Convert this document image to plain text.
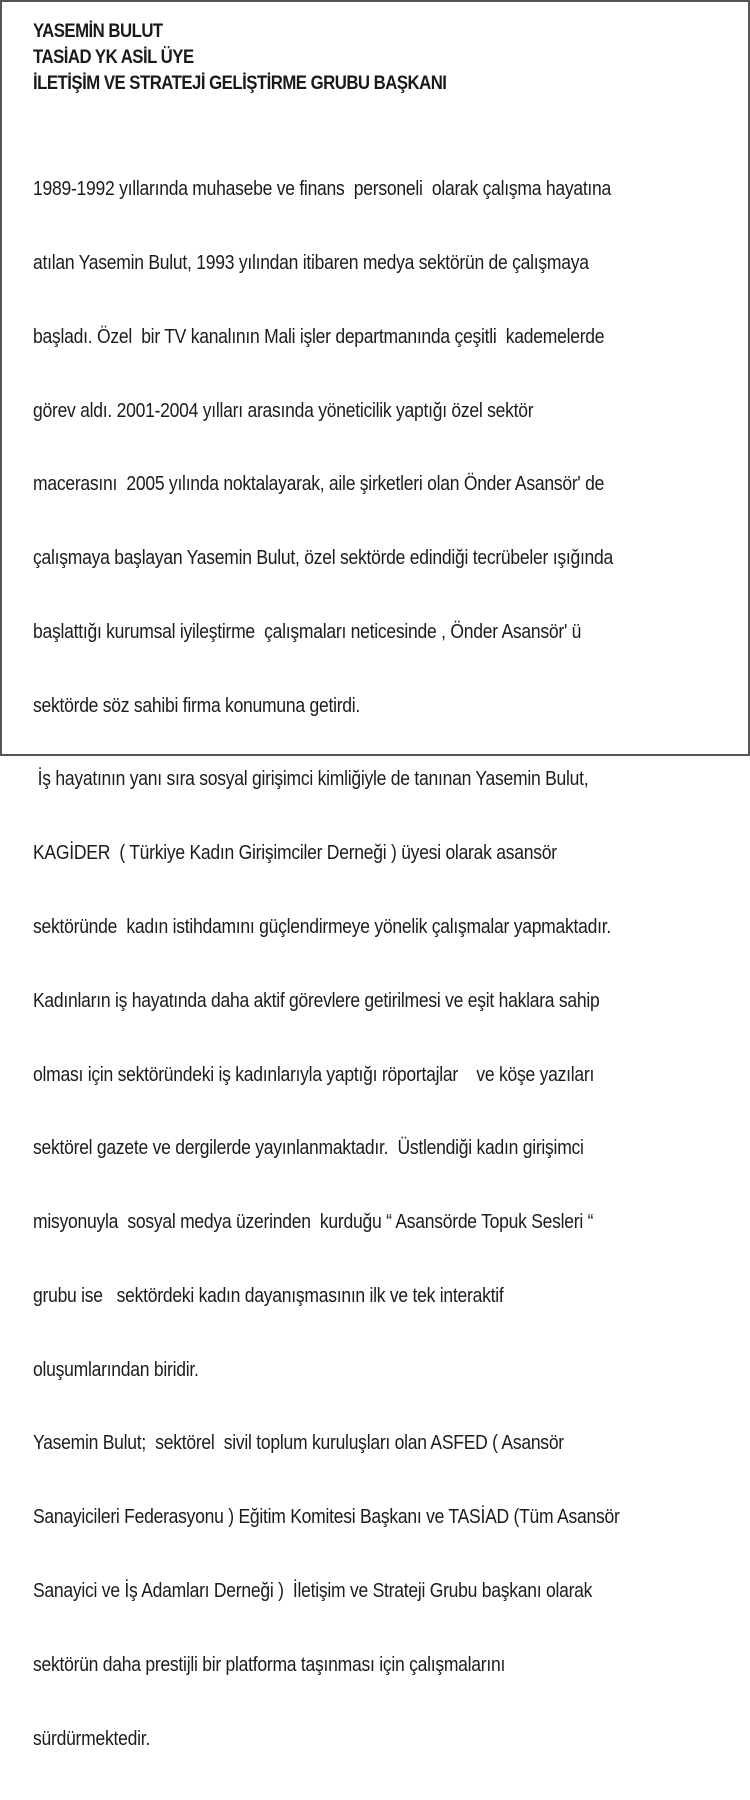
YASEMİN BULUT
TASİAD YK ASİL ÜYE
İLETİŞİM VE STRATEJİ GELİŞTİRME GRUBU BAŞKANI

1989-1992 yıllarında muhasebe ve finans  personeli  olarak çalışma hayatına

atılan Yasemin Bulut, 1993 yılından itibaren medya sektörün de çalışmaya

başladı. Özel  bir TV kanalının Mali işler departmanında çeşitli  kademelerde

görev aldı. 2001-2004 yılları arasında yöneticilik yaptığı özel sektör

macerasını  2005 yılında noktalayarak, aile şirketleri olan Önder Asansör' de

çalışmaya başlayan Yasemin Bulut, özel sektörde edindiği tecrübeler ışığında

başlattığı kurumsal iyileştirme  çalışmaları neticesinde , Önder Asansör' ü

sektörde söz sahibi firma konumuna getirdi.

İş hayatının yanı sıra sosyal girişimci kimliğiyle de tanınan Yasemin Bulut,

KAGİDER  ( Türkiye Kadın Girişimciler Derneği ) üyesi olarak asansör

sektöründe  kadın istihdamını güçlendirmeye yönelik çalışmalar yapmaktadır.

Kadınların iş hayatında daha aktif görevlere getirilmesi ve eşit haklara sahip

olması için sektöründeki iş kadınlarıyla yaptığı röportajlar    ve köşe yazıları

sektörel gazete ve dergilerde yayınlanmaktadır.  Üstlendiği kadın girişimci

misyonuyla  sosyal medya üzerinden  kurduğu “ Asansörde Topuk Sesleri “

grubu ise   sektördeki kadın dayanışmasının ilk ve tek interaktif

oluşumlarından biridir.

Yasemin Bulut;  sektörel  sivil toplum kuruluşları olan ASFED ( Asansör

Sanayicileri Federasyonu ) Eğitim Komitesi Başkanı ve TASİAD (Tüm Asansör

Sanayici ve İş Adamları Derneği )  İletişim ve Strateji Grubu başkanı olarak

sektörün daha prestijli bir platforma taşınması için çalışmalarını

sürdürmektedir.
